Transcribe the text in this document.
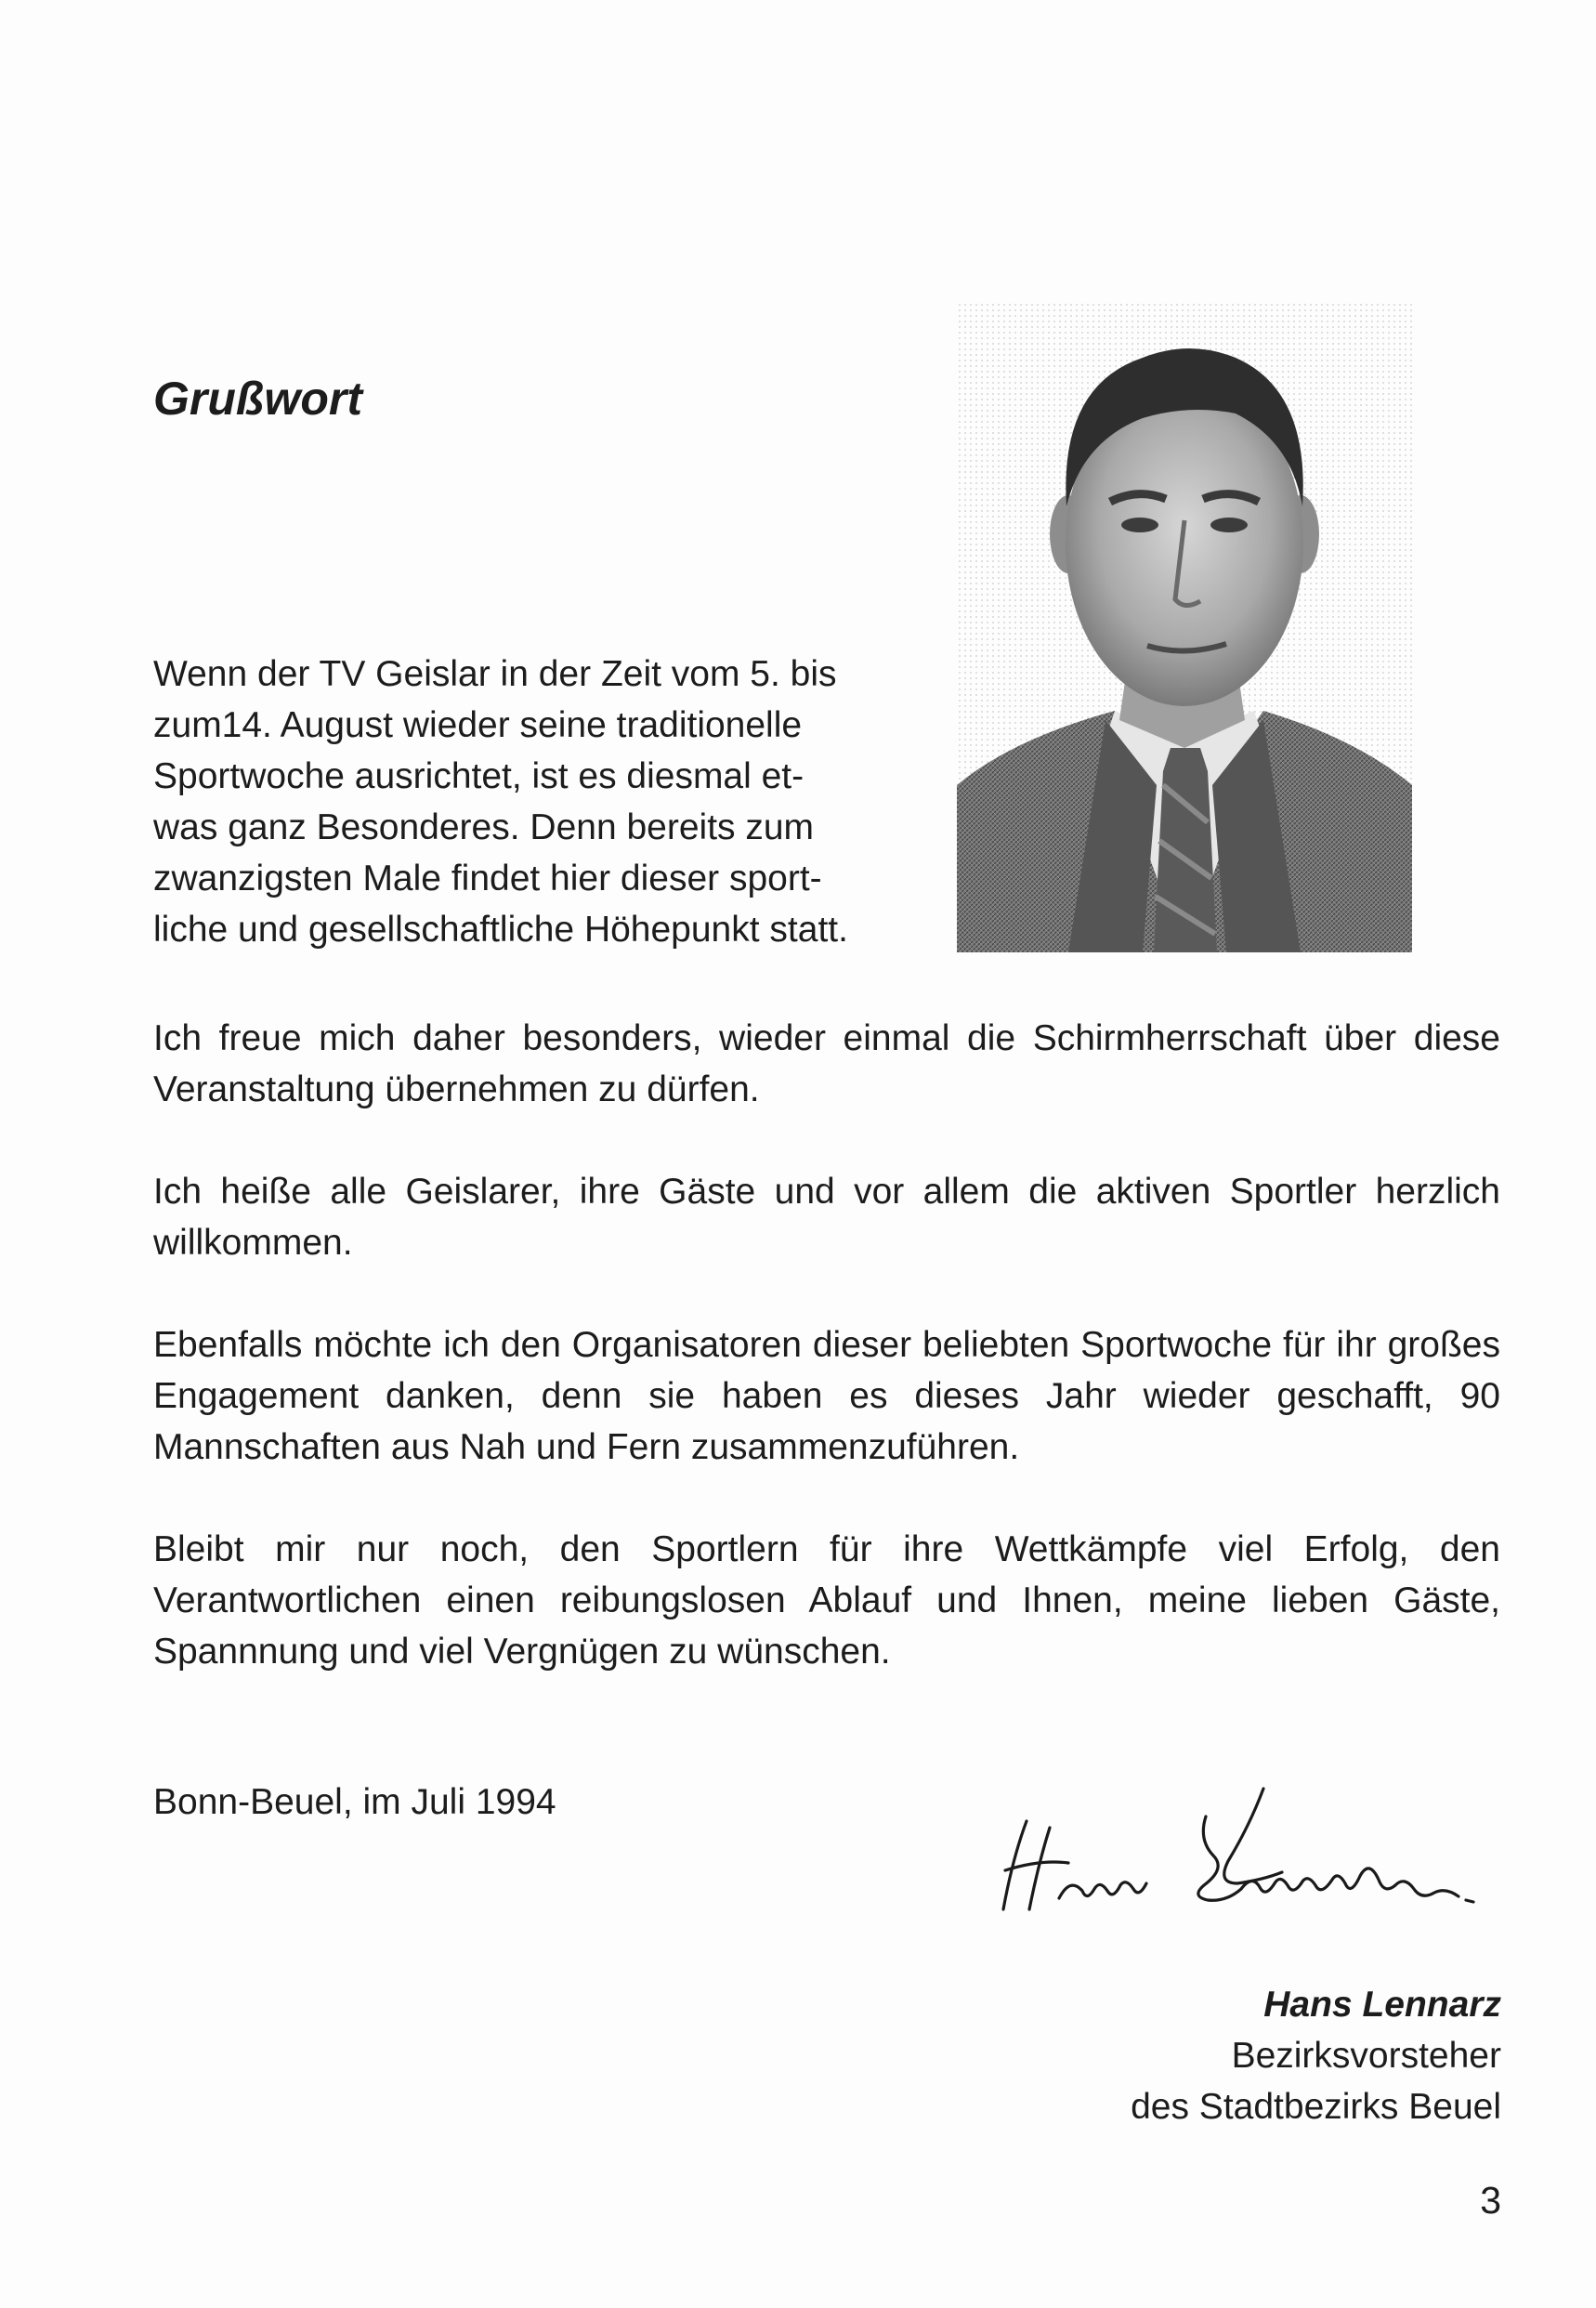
Grußwort

Wenn der TV Geislar in der Zeit vom 5. bis
zum14. August wieder seine traditionelle
Sportwoche ausrichtet, ist es diesmal et-
was ganz Besonderes. Denn bereits zum
zwanzigsten Male findet hier dieser sport-
liche und gesellschaftliche Höhepunkt statt.

Ich freue mich daher besonders, wieder einmal die Schirmherrschaft über diese Veranstaltung übernehmen zu dürfen.

Ich heiße alle Geislarer, ihre Gäste und vor allem die aktiven Sportler herzlich willkommen.

Ebenfalls möchte ich den Organisatoren dieser beliebten Sportwoche für ihr großes Engagement danken, denn sie haben es dieses Jahr wieder geschafft, 90 Mannschaften aus Nah und Fern zusammenzuführen.

Bleibt mir nur noch, den Sportlern für ihre Wettkämpfe viel Erfolg, den Verantwortlichen einen reibungslosen Ablauf und Ihnen, meine lieben Gäste, Spannnung und viel Vergnügen zu wünschen.

Bonn-Beuel, im Juli 1994

Hans Lennarz
Bezirksvorsteher
des Stadtbezirks Beuel

3
